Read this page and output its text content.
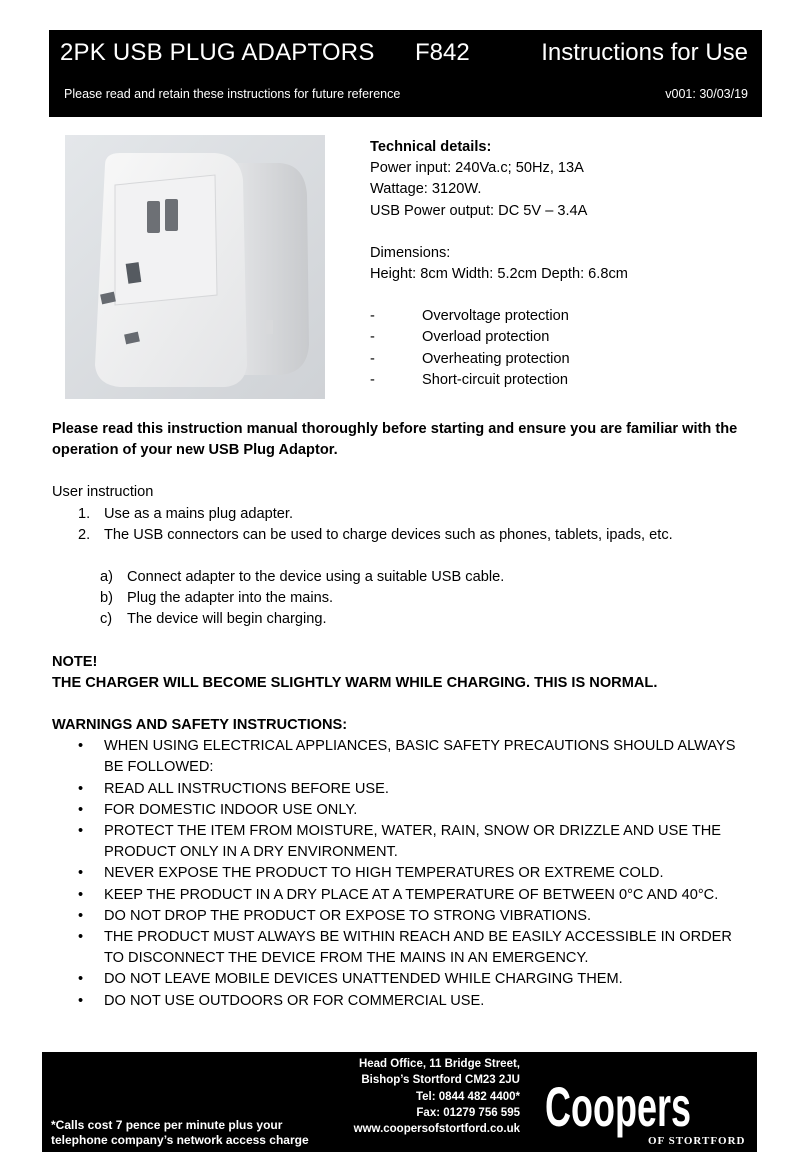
2PK USB PLUG ADAPTORS F842	Instructions for Use
Please read and retain these instructions for future reference	v001: 30/03/19
Technical details:
Power input: 240Va.c; 50Hz, 13A
Wattage: 3120W.
USB Power output: DC 5V – 3.4A
Dimensions:
Height: 8cm Width: 5.2cm Depth: 6.8cm
-	Overvoltage protection
-	Overload protection
-	Overheating protection
-	Short-circuit protection

Please read this instruction manual thoroughly before starting and ensure you are familiar with the operation of your new USB Plug Adaptor.

User instruction
1. Use as a mains plug adapter.
2. The USB connectors can be used to charge devices such as phones, tablets, ipads, etc.
a) Connect adapter to the device using a suitable USB cable.
b) Plug the adapter into the mains.
c)	The device will begin charging.
NOTE!
THE CHARGER WILL BECOME SLIGHTLY WARM WHILE CHARGING. THIS IS NORMAL.
WARNINGS AND SAFETY INSTRUCTIONS:
•	WHEN USING ELECTRICAL APPLIANCES, BASIC SAFETY PRECAUTIONS SHOULD ALWAYS BE FOLLOWED:
•	READ ALL INSTRUCTIONS BEFORE USE.
•	FOR DOMESTIC INDOOR USE ONLY.
•	PROTECT THE ITEM FROM MOISTURE, WATER, RAIN, SNOW OR DRIZZLE AND USE THE PRODUCT ONLY IN A DRY ENVIRONMENT.
•	NEVER EXPOSE THE PRODUCT TO HIGH TEMPERATURES OR EXTREME COLD.
•	KEEP THE PRODUCT IN A DRY PLACE AT A TEMPERATURE OF BETWEEN 0°C AND 40°C.
•	DO NOT DROP THE PRODUCT OR EXPOSE TO STRONG VIBRATIONS.
•	THE PRODUCT MUST ALWAYS BE WITHIN REACH AND BE EASILY ACCESSIBLE IN ORDER TO DISCONNECT THE DEVICE FROM THE MAINS IN AN EMERGENCY.
•	DO NOT LEAVE MOBILE DEVICES UNATTENDED WHILE CHARGING THEM.
•	DO NOT USE OUTDOORS OR FOR COMMERCIAL USE.
*Calls cost 7 pence per minute plus your
telephone company’s network access charge
Head Office, 11 Bridge Street,
Bishop’s Stortford CM23 2JU
Tel: 0844 482 4400*
Fax: 01279 756 595
www.coopersofstortford.co.uk Coopers
OF STORTFORD
